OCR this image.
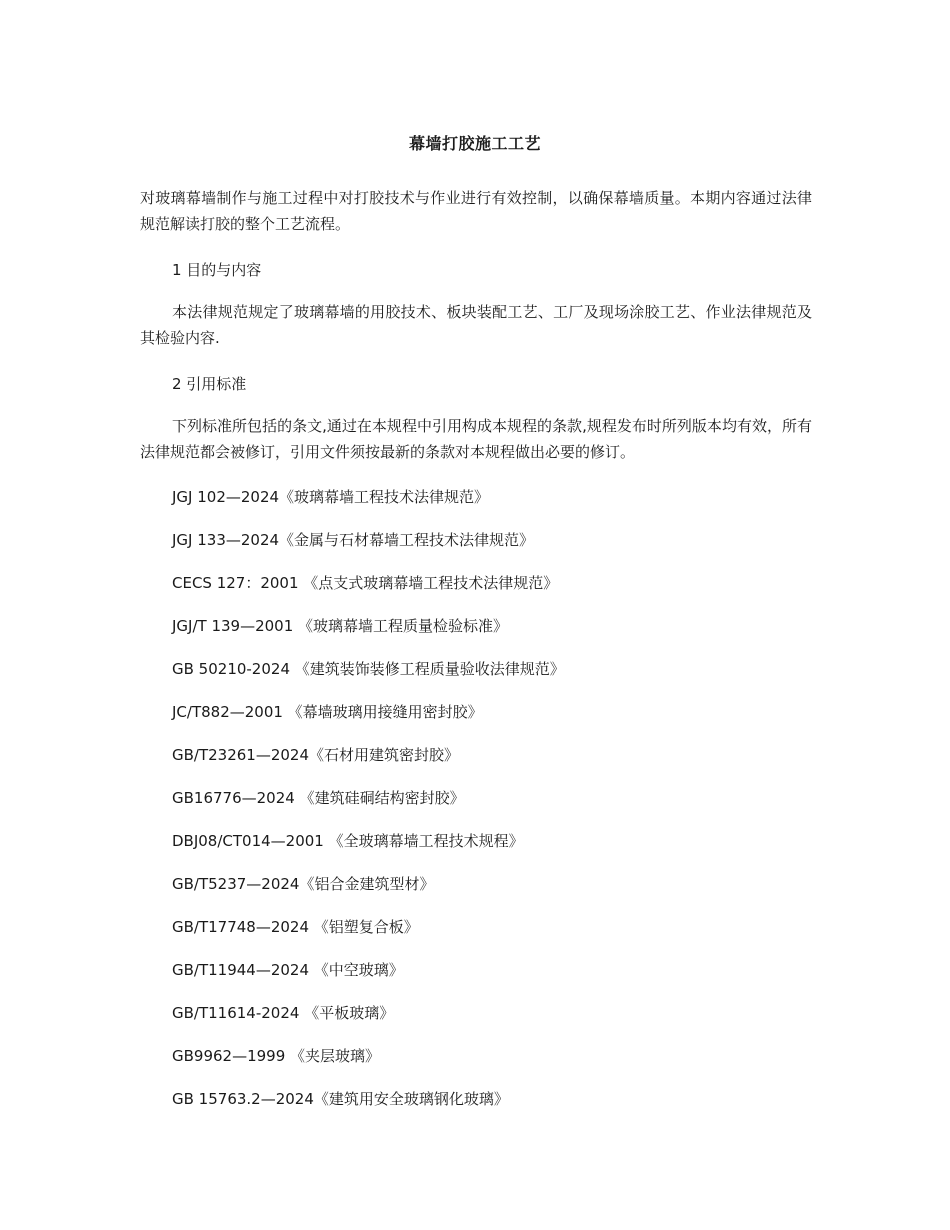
幕墙打胶施工工艺
对玻璃幕墙制作与施工过程中对打胶技术与作业进行有效控制，以确保幕墙质量。本期内容通过法律规范解读打胶的整个工艺流程。
1 目的与内容
本法律规范规定了玻璃幕墙的用胶技术、板块装配工艺、工厂及现场涂胶工艺、作业法律规范及其检验内容.
2 引用标准
下列标准所包括的条文,通过在本规程中引用构成本规程的条款,规程发布时所列版本均有效，所有法律规范都会被修订，引用文件须按最新的条款对本规程做出必要的修订。
JGJ 102—2024《玻璃幕墙工程技术法律规范》
JGJ 133—2024《金属与石材幕墙工程技术法律规范》
CECS 127：2001 《点支式玻璃幕墙工程技术法律规范》
JGJ/T 139—2001 《玻璃幕墙工程质量检验标准》
GB 50210-2024 《建筑装饰装修工程质量验收法律规范》
JC/T882—2001 《幕墙玻璃用接缝用密封胶》
GB/T23261—2024《石材用建筑密封胶》
GB16776—2024 《建筑硅硐结构密封胶》
DBJ08/CT014—2001 《全玻璃幕墙工程技术规程》
GB/T5237—2024《铝合金建筑型材》
GB/T17748—2024 《铝塑复合板》
GB/T11944—2024 《中空玻璃》
GB/T11614-2024 《平板玻璃》
GB9962—1999 《夹层玻璃》
GB 15763.2—2024《建筑用安全玻璃钢化玻璃》
